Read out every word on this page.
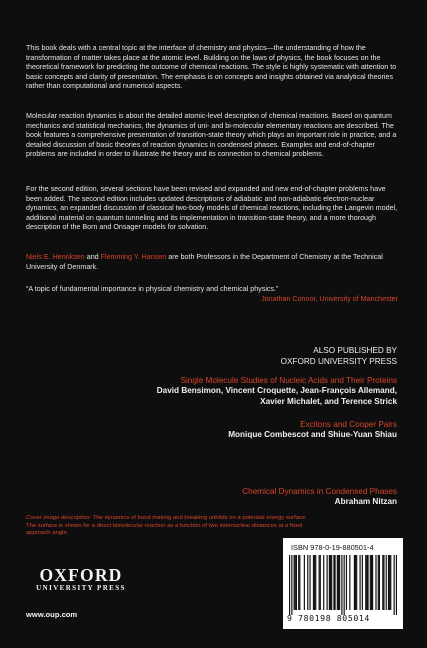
This book deals with a central topic at the interface of chemistry and physics—the understanding of how the transformation of matter takes place at the atomic level. Building on the laws of physics, the book focuses on the theoretical framework for predicting the outcome of chemical reactions. The style is highly systematic with attention to basic concepts and clarity of presentation. The emphasis is on concepts and insights obtained via analytical theories rather than computational and numerical aspects.

Molecular reaction dynamics is about the detailed atomic-level description of chemical reactions. Based on quantum mechanics and statistical mechanics, the dynamics of uni- and bi-molecular elementary reactions are described. The book features a comprehensive presentation of transition-state theory which plays an important role in practice, and a detailed discussion of basic theories of reaction dynamics in condensed phases. Examples and end-of-chapter problems are included in order to illustrate the theory and its connection to chemical problems.

For the second edition, several sections have been revised and expanded and new end-of-chapter problems have been added. The second edition includes updated descriptions of adiabatic and non-adiabatic electron-nuclear dynamics, an expanded discussion of classical two-body models of chemical reactions, including the Langevin model, additional material on quantum tunneling and its implementation in transition-state theory, and a more thorough description of the Born and Onsager models for solvation.

Niels E. Henriksen and Flemming Y. Hansen are both Professors in the Department of Chemistry at the Technical University of Denmark.

“A topic of fundamental importance in physical chemistry and chemical physics.”

Jonathan Connor, University of Manchester
ALSO PUBLISHED BY
OXFORD UNIVERSITY PRESS
Single Molecule Studies of Nucleic Acids and Their Proteins
David Bensimon, Vincent Croquette, Jean-François Allemand,
Xavier Michalet, and Terence Strick
Excitons and Cooper Pairs
Monique Combescot and Shiue-Yuan Shiau
Chemical Dynamics in Condensed Phases
Abraham Nitzan
Cover image description: The dynamics of bond making and breaking unfolds on a potential energy surface. The surface is shown for a direct bimolecular reaction as a function of two internuclear distances at a fixed approach angle.
OXFORD
UNIVERSITY PRESS
www.oup.com
ISBN 978-0-19-880501-4
9 780198 805014
